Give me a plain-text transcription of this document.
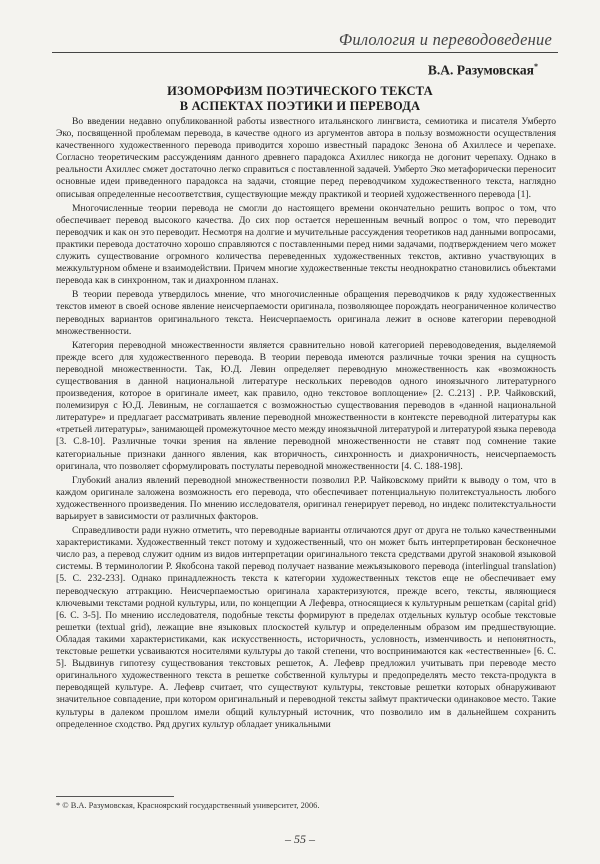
Филология и переводоведение
В.А. Разумовская*
ИЗОМОРФИЗМ ПОЭТИЧЕСКОГО ТЕКСТА
В АСПЕКТАХ ПОЭТИКИ И ПЕРЕВОДА

Во введении недавно опубликованной работы известного итальянского лингвиста, семиотика и писателя Умберто Эко, посвященной проблемам перевода, в качестве одного из аргументов автора в пользу возможности осуществления качественного художественного перевода приводится хорошо известный парадокс Зенона об Ахиллесе и черепахе. Согласно теоретическим рассуждениям данного древнего парадокса Ахиллес никогда не догонит черепаху. Однако в реальности Ахиллес смжет достаточно легко справиться с поставленной задачей. Умберто Эко метафорически переносит основные идеи приведенного парадокса на задачи, стоящие перед переводчиком художественного текста, наглядно описывая определенные несоответствия, существующие между практикой и теорией художественного перевода [1].

Многочисленные теории перевода не смогли до настоящего времени окончательно решить вопрос о том, что обеспечивает перевод высокого качества. До сих пор остается нерешенным вечный вопрос о том, что переводит переводчик и как он это переводит. Несмотря на долгие и мучительные рассуждения теоретиков над данными вопросами, практики перевода достаточно хорошо справляются с поставленными перед ними задачами, подтверждением чего может служить существование огромного количества переведенных художественных текстов, активно участвующих в межкультурном обмене и взаимодействии. Причем многие художественные тексты неоднократно становились объектами перевода как в синхронном, так и диахронном планах.

В теории перевода утвердилось мнение, что многочисленные обращения переводчиков к ряду художественных текстов имеют в своей основе явление неисчерпаемости оригинала, позволяющее порождать неограниченное количество переводных вариантов оригинального текста. Неисчерпаемость оригинала лежит в основе категории переводной множественности.

Категория переводной множественности является сравнительно новой категорией переводоведения, выделяемой прежде всего для художественного перевода. В теории перевода имеются различные точки зрения на сущность переводной множественности. Так, Ю.Д. Левин определяет переводную множественность как «возможность существования в данной национальной литературе нескольких переводов одного иноязычного литературного произведения, которое в оригинале имеет, как правило, одно текстовое воплощение» [2. С.213] . Р.Р. Чайковский, полемизируя с Ю.Д. Левиным, не соглашается с возможностью существования переводов в «данной национальной литературе» и предлагает рассматривать явление переводной множественности в контексте переводной литературы как «третьей литературы», занимающей промежуточное место между иноязычной литературой и литературой языка перевода [3. С.8-10]. Различные точки зрения на явление переводной множественности не ставят под сомнение такие категориальные признаки данного явления, как вторичность, синхронность и диахроничность, неисчерпаемость оригинала, что позволяет сформулировать постулаты переводной множественности [4. С. 188-198].

Глубокий анализ явлений переводной множественности позволил Р.Р. Чайковскому прийти к выводу о том, что в каждом оригинале заложена возможность его перевода, что обеспечивает потенциальную политекстуальность любого художественного произведения. По мнению исследователя, оригинал генерирует перевод, но индекс политекстуальности варьирует в зависимости от различных факторов.

Справедливости ради нужно отметить, что переводные варианты отличаются друг от друга не только качественными характеристиками. Художественный текст потому и художественный, что он может быть интерпретирован бесконечное число раз, а перевод служит одним из видов интерпретации оригинального текста средствами другой знаковой языковой системы. В терминологии Р. Якобсона такой перевод получает название межъязыкового перевода (interlingual translation) [5. С. 232-233]. Однако принадлежность текста к категории художественных текстов еще не обеспечивает ему переводческую аттракцию. Неисчерпаемостью оригинала характеризуются, прежде всего, тексты, являющиеся ключевыми текстами родной культуры, или, по концепции А Лефевра, относящиеся к культурным решеткам (capital grid) [6. С. 3-5]. По мнению исследователя, подобные тексты формируют в пределах отдельных культур особые текстовые решетки (textual grid), лежащие вне языковых плоскостей культур и определенным образом им предшествующие. Обладая такими характеристиками, как искусственность, историчность, условность, изменчивость и непонятность, текстовые решетки усваиваются носителями культуры до такой степени, что воспринимаются как «естественные» [6. С. 5]. Выдвинув гипотезу существования текстовых решеток, А. Лефевр предложил учитывать при переводе место оригинального художественного текста в решетке собственной культуры и предопределять место текста-продукта в переводящей культуре. А. Лефевр считает, что существуют культуры, текстовые решетки которых обнаруживают значительное совпадение, при котором оригинальный и переводной тексты займут практически одинаковое место. Такие культуры в далеком прошлом имели общий культурный источник, что позволило им в дальнейшем сохранить определенное сходство. Ряд других культур обладает уникальными

* © В.А. Разумовская, Красноярский государственный университет, 2006.
– 55 –
